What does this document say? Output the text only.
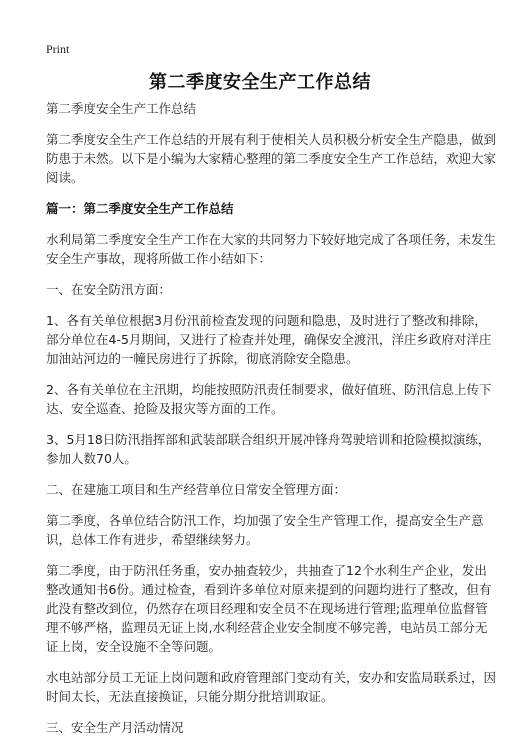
Print
第二季度安全生产工作总结

第二季度安全生产工作总结

第二季度安全生产工作总结的开展有利于使相关人员积极分析安全生产隐患，做到防患于未然。以下是小编为大家精心整理的第二季度安全生产工作总结，欢迎大家阅读。

篇一：第二季度安全生产工作总结

水利局第二季度安全生产工作在大家的共同努力下较好地完成了各项任务，未发生安全生产事故，现将所做工作小结如下：

一、在安全防汛方面：

1、各有关单位根据3月份汛前检查发现的问题和隐患，及时进行了整改和排除，部分单位在4-5月期间，又进行了检查并处理，确保安全渡汛，洋庄乡政府对洋庄加油站河边的一幢民房进行了拆除，彻底消除安全隐患。

2、各有关单位在主汛期，均能按照防汛责任制要求，做好值班、防汛信息上传下达、安全巡查、抢险及报灾等方面的工作。

3、5月18日防汛指挥部和武装部联合组织开展冲锋舟驾驶培训和抢险模拟演练，参加人数70人。

二、在建施工项目和生产经营单位日常安全管理方面：

第二季度，各单位结合防汛工作，均加强了安全生产管理工作，提高安全生产意识，总体工作有进步，希望继续努力。

第二季度，由于防汛任务重，安办抽查较少，共抽查了12个水利生产企业，发出整改通知书6份。通过检查，看到许多单位对原来提到的问题均进行了整改，但有此没有整改到位，仍然存在项目经理和安全员不在现场进行管理;监理单位监督管理不够严格，监理员无证上岗,水利经营企业安全制度不够完善，电站员工部分无证上岗，安全设施不全等问题。

水电站部分员工无证上岗问题和政府管理部门变动有关，安办和安监局联系过，因时间太长，无法直接换证，只能分期分批培训取证。

三、安全生产月活动情况
